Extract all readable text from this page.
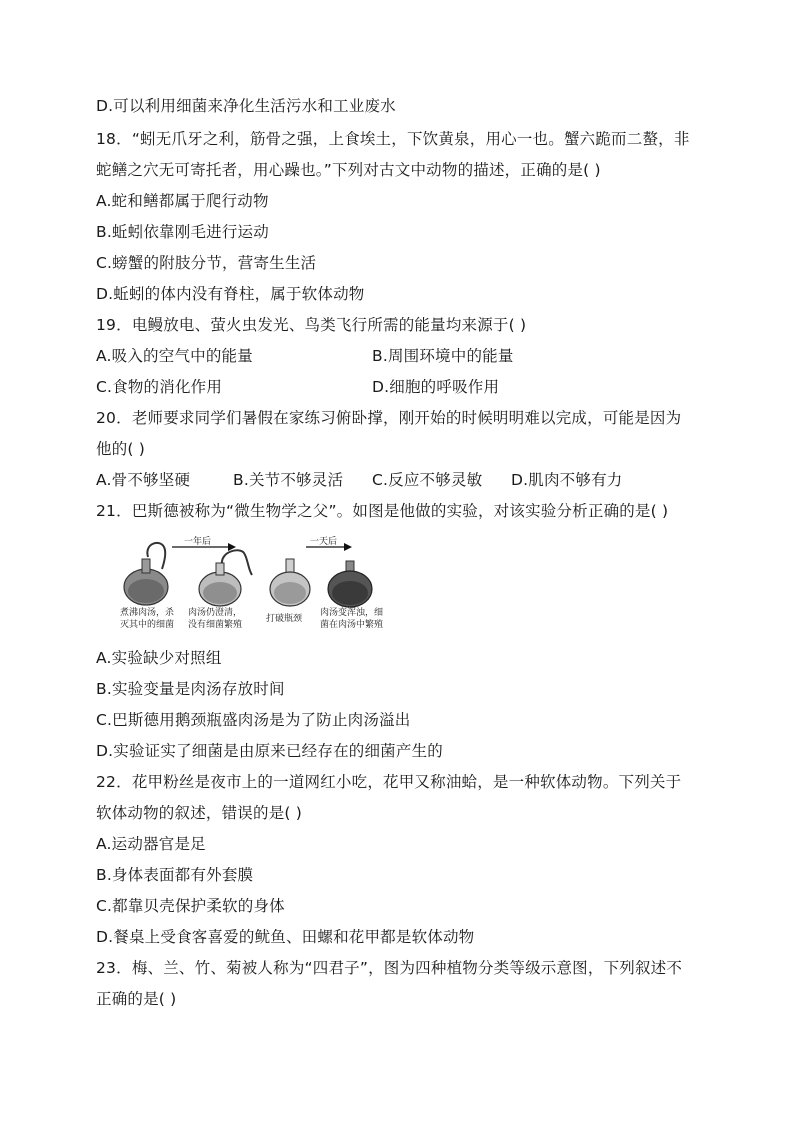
D.可以利用细菌来净化生活污水和工业废水
18．“蚓无爪牙之利，筋骨之强，上食埃土，下饮黄泉，用心一也。蟹六跪而二螯，非
蛇鳝之穴无可寄托者，用心躁也。”下列对古文中动物的描述，正确的是( )
A.蛇和鳝都属于爬行动物
B.蚯蚓依靠刚毛进行运动
C.螃蟹的附肢分节，营寄生生活
D.蚯蚓的体内没有脊柱，属于软体动物
19．电鳗放电、萤火虫发光、鸟类飞行所需的能量均来源于( )
A.吸入的空气中的能量	B.周围环境中的能量
C.食物的消化作用	D.细胞的呼吸作用
20．老师要求同学们暑假在家练习俯卧撑，刚开始的时候明明难以完成，可能是因为
他的( )
A.骨不够坚硬	B.关节不够灵活 C.反应不够灵敏 D.肌肉不够有力
21．巴斯德被称为“微生物学之父”。如图是他做的实验，对该实验分析正确的是( )
一年后	一天后
煮沸肉汤，杀
灭其中的细菌
肉汤仍澄清，
没有细菌繁殖
打破瓶颈
肉汤变浑浊，细
菌在肉汤中繁殖
A.实验缺少对照组
B.实验变量是肉汤存放时间
C.巴斯德用鹅颈瓶盛肉汤是为了防止肉汤溢出
D.实验证实了细菌是由原来已经存在的细菌产生的
22．花甲粉丝是夜市上的一道网红小吃，花甲又称油蛤，是一种软体动物。下列关于
软体动物的叙述，错误的是( )
A.运动器官是足
B.身体表面都有外套膜
C.都靠贝壳保护柔软的身体
D.餐桌上受食客喜爱的鱿鱼、田螺和花甲都是软体动物
23．梅、兰、竹、菊被人称为“四君子”，图为四种植物分类等级示意图，下列叙述不
正确的是( )
